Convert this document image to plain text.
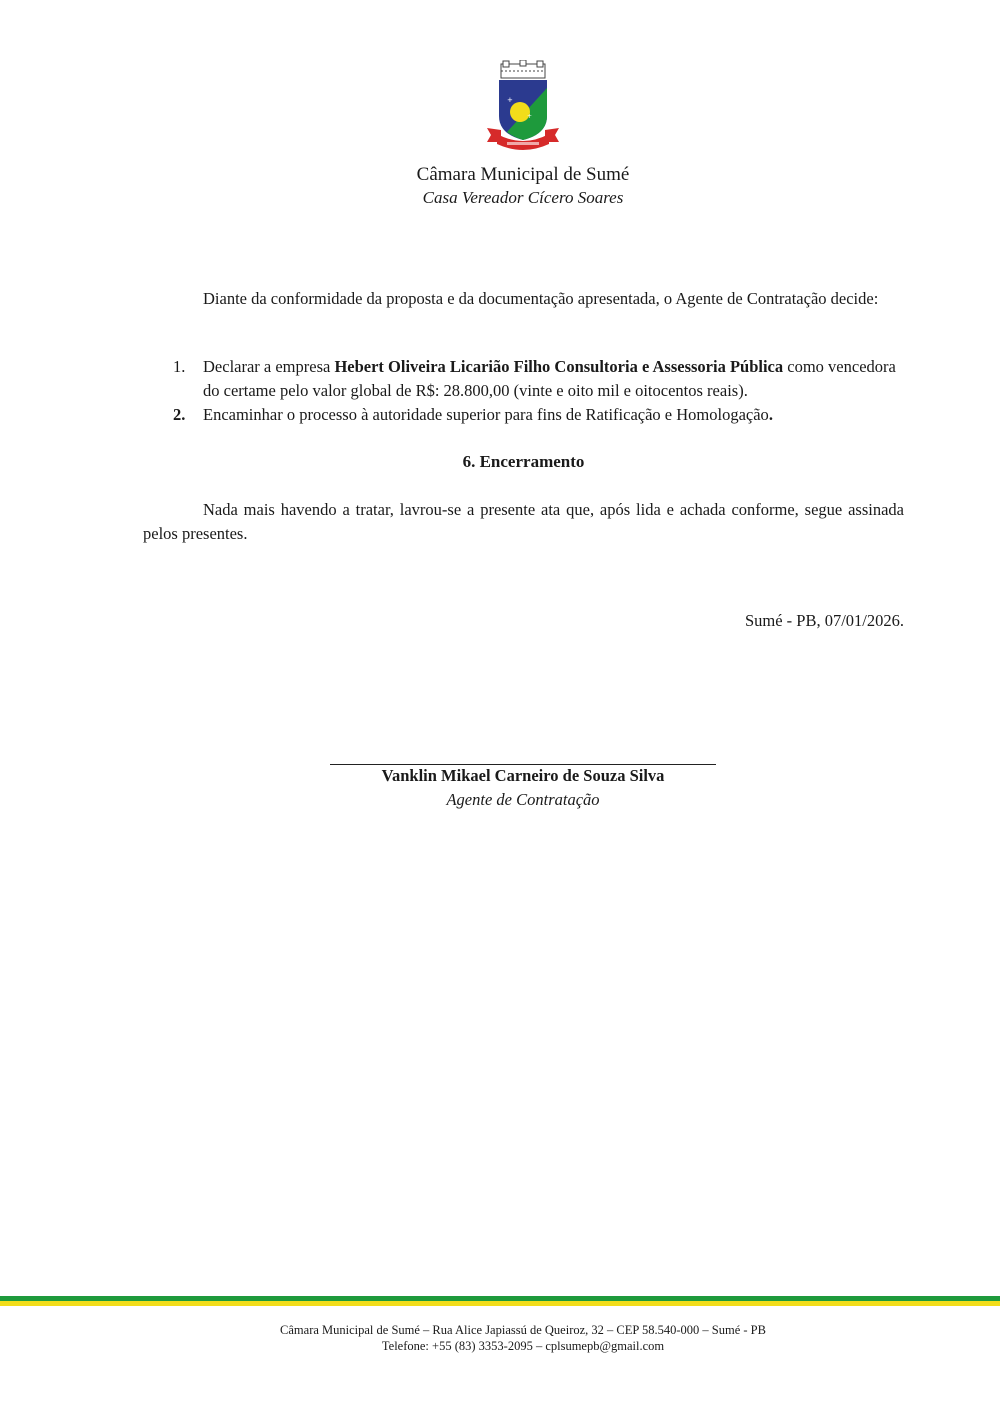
+
+
Câmara Municipal de Sumé
Casa Vereador Cícero Soares

Diante da conformidade da proposta e da documentação apresentada, o Agente de Contratação decide:

1. Declarar a empresa Hebert Oliveira Licarião Filho Consultoria e Assessoria Pública como vencedora do certame pelo valor global de R$: 28.800,00 (vinte e oito mil e oitocentos reais).
2. Encaminhar o processo à autoridade superior para fins de Ratificação e Homologação.
6. Encerramento

Nada mais havendo a tratar, lavrou-se a presente ata que, após lida e achada conforme, segue assinada pelos presentes.

Sumé - PB, 07/01/2026.
Vanklin Mikael Carneiro de Souza Silva
Agente de Contratação
Câmara Municipal de Sumé – Rua Alice Japiassú de Queiroz, 32 – CEP 58.540-000 – Sumé - PB
Telefone: +55 (83) 3353-2095 – cplsumepb@gmail.com
